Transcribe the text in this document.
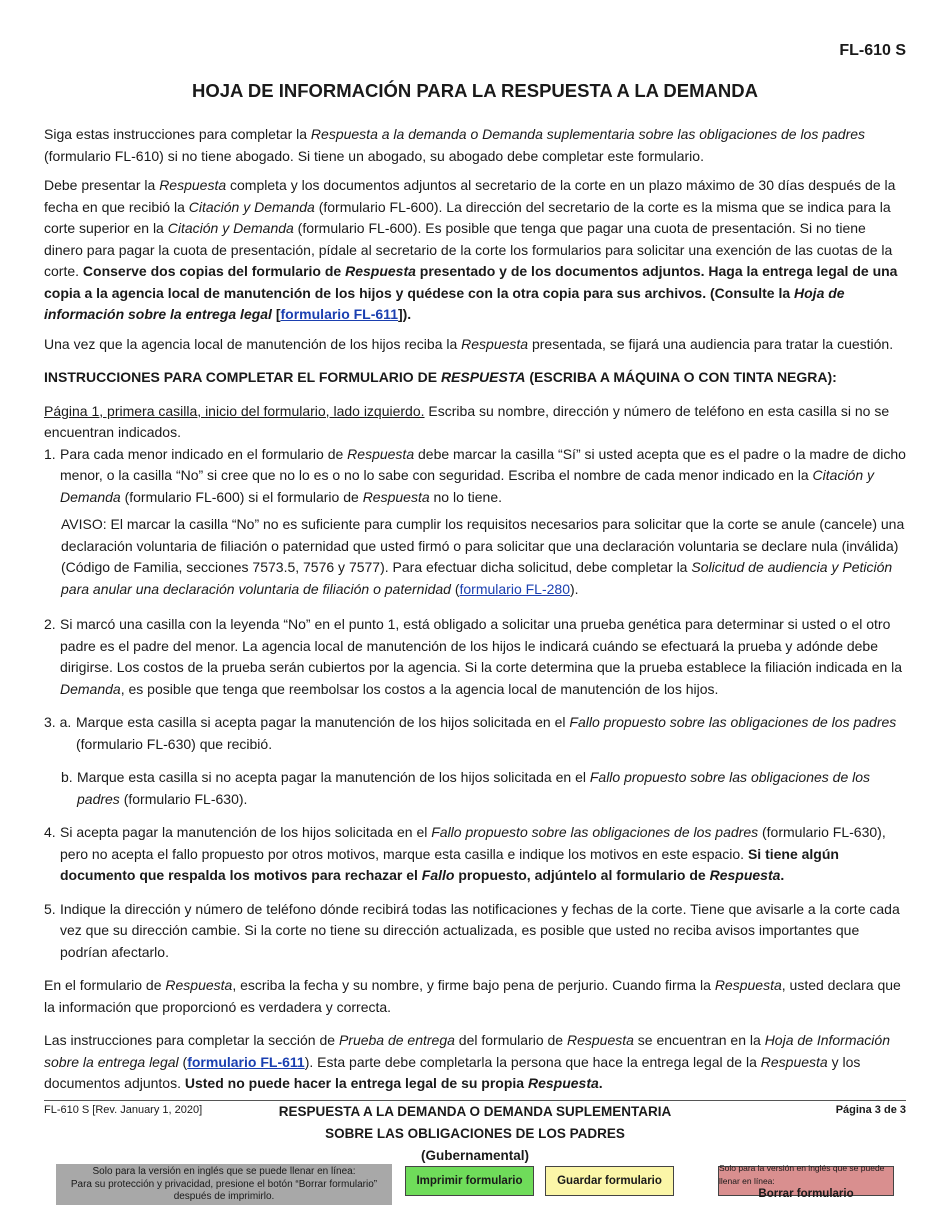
FL-610 S
HOJA DE INFORMACIÓN PARA LA RESPUESTA A LA DEMANDA

Siga estas instrucciones para completar la Respuesta a la demanda o Demanda suplementaria sobre las obligaciones de los padres (formulario FL-610) si no tiene abogado. Si tiene un abogado, su abogado debe completar este formulario.

Debe presentar la Respuesta completa y los documentos adjuntos al secretario de la corte en un plazo máximo de 30 días después de la fecha en que recibió la Citación y Demanda (formulario FL-600). La dirección del secretario de la corte es la misma que se indica para la corte superior en la Citación y Demanda (formulario FL-600). Es posible que tenga que pagar una cuota de presentación. Si no tiene dinero para pagar la cuota de presentación, pídale al secretario de la corte los formularios para solicitar una exención de las cuotas de la corte. Conserve dos copias del formulario de Respuesta presentado y de los documentos adjuntos. Haga la entrega legal de una copia a la agencia local de manutención de los hijos y quédese con la otra copia para sus archivos. (Consulte la Hoja de información sobre la entrega legal [formulario FL-611]).

Una vez que la agencia local de manutención de los hijos reciba la Respuesta presentada, se fijará una audiencia para tratar la cuestión.

INSTRUCCIONES PARA COMPLETAR EL FORMULARIO DE RESPUESTA (ESCRIBA A MÁQUINA O CON TINTA NEGRA):

Página 1, primera casilla, inicio del formulario, lado izquierdo. Escriba su nombre, dirección y número de teléfono en esta casilla si no se encuentran indicados.

1. Para cada menor indicado en el formulario de Respuesta debe marcar la casilla “Sí” si usted acepta que es el padre o la madre de dicho menor, o la casilla “No” si cree que no lo es o no lo sabe con seguridad. Escriba el nombre de cada menor indicado en la Citación y Demanda (formulario FL-600) si el formulario de Respuesta no lo tiene.
AVISO: El marcar la casilla “No” no es suficiente para cumplir los requisitos necesarios para solicitar que la corte se anule (cancele) una declaración voluntaria de filiación o paternidad que usted firmó o para solicitar que una declaración voluntaria se declare nula (inválida) (Código de Familia, secciones 7573.5, 7576 y 7577). Para efectuar dicha solicitud, debe completar la Solicitud de audiencia y Petición para anular una declaración voluntaria de filiación o paternidad (formulario FL-280).
2. Si marcó una casilla con la leyenda “No” en el punto 1, está obligado a solicitar una prueba genética para determinar si usted o el otro padre es el padre del menor. La agencia local de manutención de los hijos le indicará cuándo se efectuará la prueba y adónde debe dirigirse. Los costos de la prueba serán cubiertos por la agencia. Si la corte determina que la prueba establece la filiación indicada en la Demanda, es posible que tenga que reembolsar los costos a la agencia local de manutención de los hijos.
3. a. Marque esta casilla si acepta pagar la manutención de los hijos solicitada en el Fallo propuesto sobre las obligaciones de los padres (formulario FL-630) que recibió.
b. Marque esta casilla si no acepta pagar la manutención de los hijos solicitada en el Fallo propuesto sobre las obligaciones de los padres (formulario FL-630).
4. Si acepta pagar la manutención de los hijos solicitada en el Fallo propuesto sobre las obligaciones de los padres (formulario FL-630), pero no acepta el fallo propuesto por otros motivos, marque esta casilla e indique los motivos en este espacio. Si tiene algún documento que respalda los motivos para rechazar el Fallo propuesto, adjúntelo al formulario de Respuesta.
5. Indique la dirección y número de teléfono dónde recibirá todas las notificaciones y fechas de la corte. Tiene que avisarle a la corte cada vez que su dirección cambie. Si la corte no tiene su dirección actualizada, es posible que usted no reciba avisos importantes que podrían afectarlo.

En el formulario de Respuesta, escriba la fecha y su nombre, y firme bajo pena de perjurio. Cuando firma la Respuesta, usted declara que la información que proporcionó es verdadera y correcta.

Las instrucciones para completar la sección de Prueba de entrega del formulario de Respuesta se encuentran en la Hoja de Información sobre la entrega legal (formulario FL-611). Esta parte debe completarla la persona que hace la entrega legal de la Respuesta y los documentos adjuntos. Usted no puede hacer la entrega legal de su propia Respuesta.

FL-610 S [Rev. January 1, 2020]	RESPUESTA A LA DEMANDA O DEMANDA SUPLEMENTARIA
SOBRE LAS OBLIGACIONES DE LOS PADRES
(Gubernamental)
Página 3 de 3
Solo para la versión en inglés que se puede llenar en línea:
Para su protección y privacidad, presione el botón “Borrar formulario”
después de imprimirlo.
Imprimir formulario	Guardar formulario
Solo para la versión en inglés que se puede llenar en línea:
Borrar formulario
